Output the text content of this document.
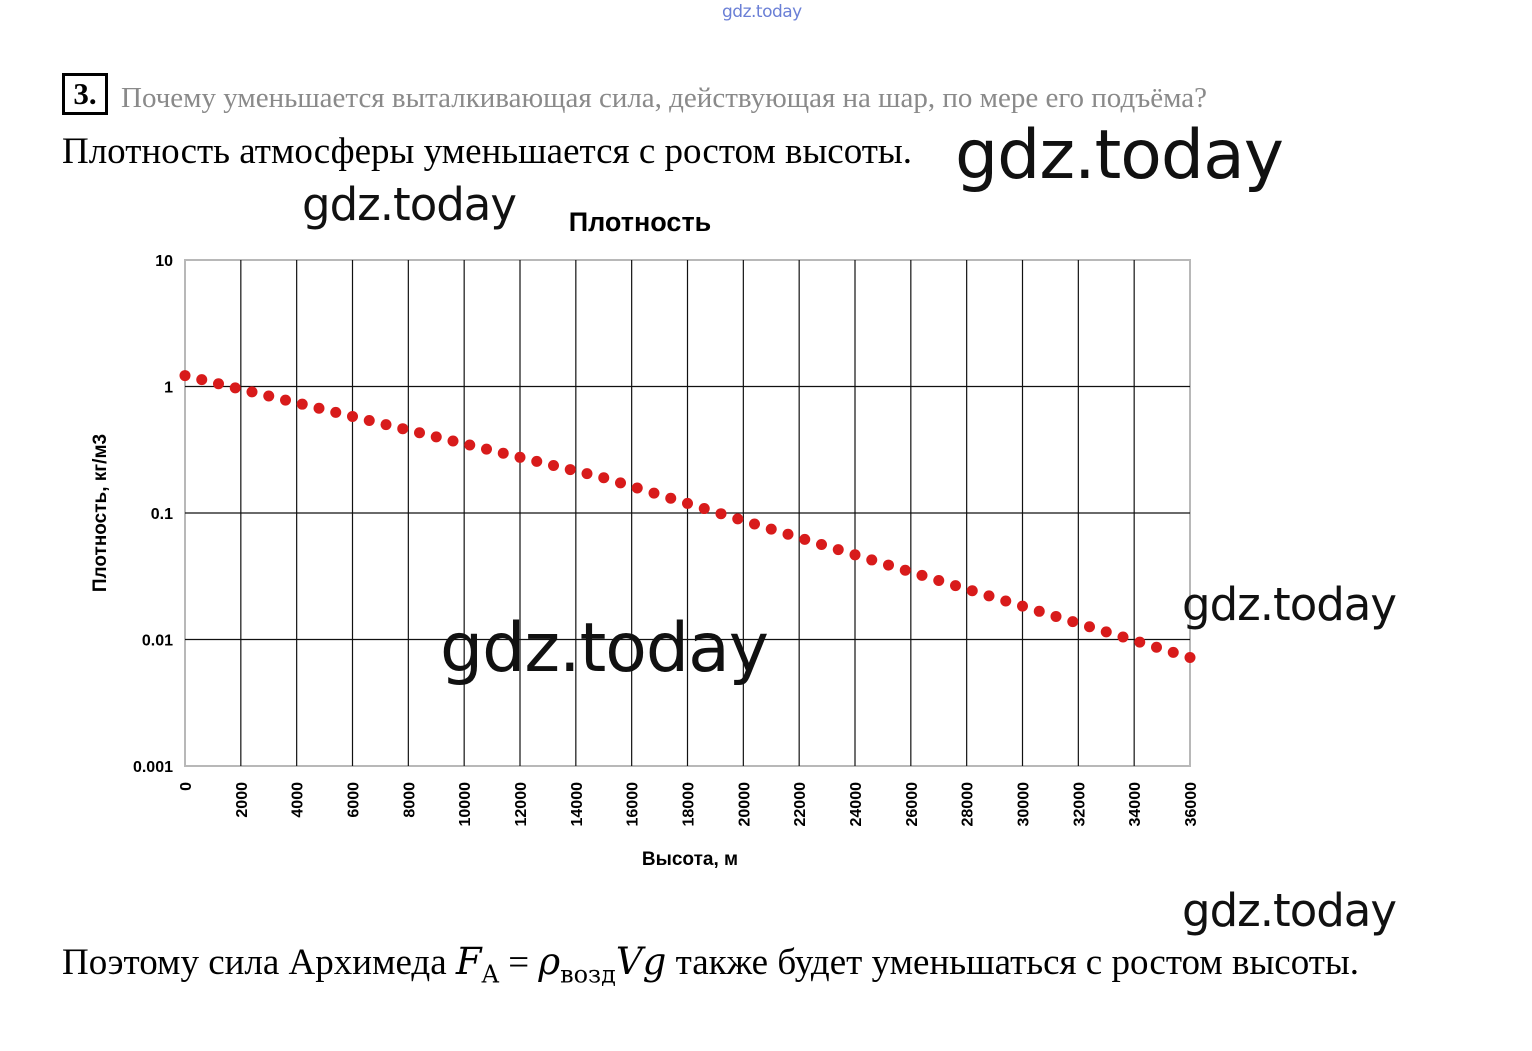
gdz.today
3. Почему уменьшается выталкивающая сила, действующая на шар, по мере его подъёма?
Плотность атмосферы уменьшается с ростом высоты. gdz.today
gdz.today
0 2000 4000 6000 8000 10000 12000 14000 16000 18000 20000 22000 24000 26000 28000 30000 32000 34000 36000
10
1
0.1
0.01
0.001
Плотность
Высота, м
Плотность, кг/м3
gdz.today
gdz.today
gdz.today
Поэтому сила Архимеда $F_A = \rho_{возд}Vg$ также будет уменьшаться с ростом высоты.
